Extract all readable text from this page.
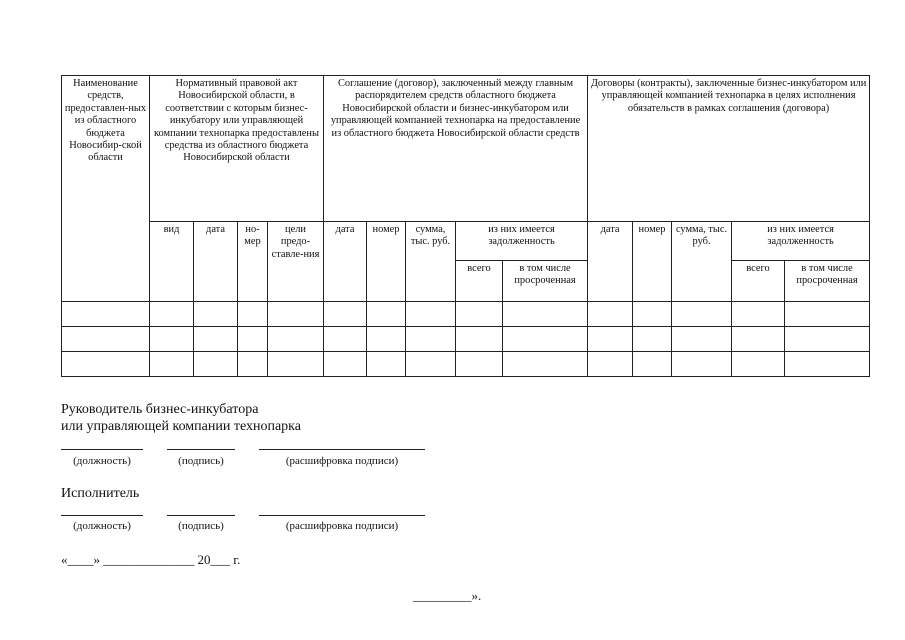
Наименование средств, предоставлен-ных из областного бюджета Новосибир-ской области	Нормативный правовой акт Новосибирской области, в соответствии с которым бизнес-инкубатору или управляющей компании технопарка предоставлены средства из областного бюджета Новосибирской области				Соглашение (договор), заключенный между главным распорядителем средств областного бюджета Новосибирской области и бизнес-инкубатором или управляющей компанией технопарка на предоставление из областного бюджета Новосибирской области средств					Договоры (контракты), заключенные бизнес-инкубатором или управляющей компанией технопарка в целях исполнения обязательств в рамках соглашения (договора)				
	вид	дата	но-мер	цели предо-ставле-ния	дата	номер	сумма, тыс. руб.	из них имеется задолженность		дата	номер	сумма, тыс. руб.	из них имеется задолженность	
								всего	в том числе просроченная				всего	в том числе просроченная

Руководитель бизнес-инкубатора
или управляющей компании технопарка
(должность)	(подпись)	(расшифровка подписи)
Исполнитель
(должность)	(подпись)	(расшифровка подписи)
«____» ______________ 20___ г.
_________».
